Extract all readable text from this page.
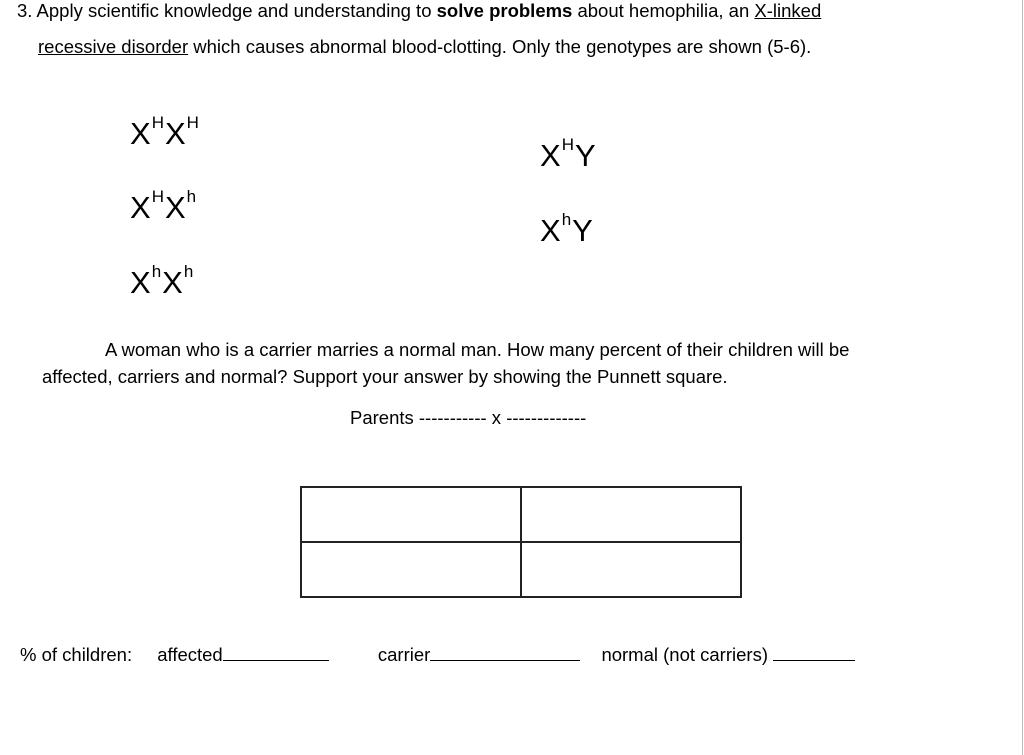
3. Apply scientific knowledge and understanding to solve problems about hemophilia, an X-linked
recessive disorder which causes abnormal blood-clotting. Only the genotypes are shown (5-6).
$X^HX^H$
$X^HX^h$
$X^hX^h$
$X^HY$
$X^hY$
A woman who is a carrier marries a normal man. How many percent of their children will be
affected, carriers and normal? Support your answer by showing the Punnett square.
Parents ----------- x -------------

% of children: affected	carrier	normal (not carriers)
